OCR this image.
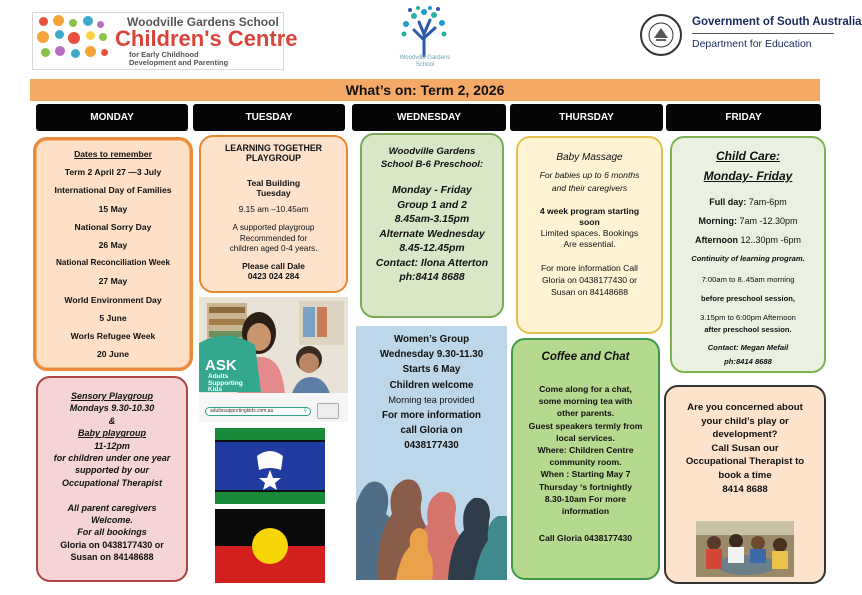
Woodville Gardens School
Children's Centre
for Early Childhood
Development and Parenting	Woodville Gardens
School
Government of South Australia
Department for Education
What’s on: Term 2, 2026
MONDAY	TUESDAY	WEDNESDAY	THURSDAY	FRIDAY
Dates to remember
Term 2 April 27 —3 July
International Day of Families
15 May
National Sorry Day
26 May
National Reconciliation Week
27 May
World Environment Day
5 June
Worls Refugee Week
20 June
Sensory Playgroup
Mondays 9.30-10.30
&
Baby playgroup
11-12pm
for children under one year
supported by our
Occupational Therapist

All parent caregivers
Welcome.
For all bookings
Gloria on 0438177430 or
Susan on 84148688
LEARNING TOGETHER
PLAYGROUP
Teal Building
Tuesday
9.15 am –10.45am
A supported playgroup
Recommended for
children aged 0-4 years.
Please call Dale
0423 024 284
ASK
Adults
Supporting
Kids
adultssupportingkids.com.au	⚲
Woodville Gardens
School B-6 Preschool:

Monday - Friday
Group 1 and 2
8.45am-3.15pm
Alternate Wednesday
8.45-12.45pm
Contact: Ilona Atterton
ph:8414 8688
Women’s Group
Wednesday 9.30-11.30
Starts 6 May
Children welcome
Morning tea provided
For more information
call Gloria on
0438177430
Baby Massage
For babies up to 6 months
and their caregivers
4 week program starting
soon
Limited spaces. Bookings
Are essential.
For more information Call
Gloria on 0438177430 or
Susan on 84148688
Coffee and Chat
Come along for a chat,
some morning tea with
other parents.
Guest speakers termly from
local services.
Where: Children Centre
community room.
When : Starting May 7
Thursday ‘s fortnightly
8.30-10am For more
information
Call Gloria 0438177430
Child Care:
Monday- Friday
Full day: 7am-6pm
Morning: 7am -12.30pm
Afternoon 12..30pm -6pm
Continuity of learning program.
7:00am to 8..45am morning
before preschool session,
3.15pm to 6:00pm Afternoon
after preschool session.
Contact: Megan Mefail
ph:8414 8688
Are you concerned about
your child’s play or
development?
Call Susan our
Occupational Therapist to
book a time
8414 8688
